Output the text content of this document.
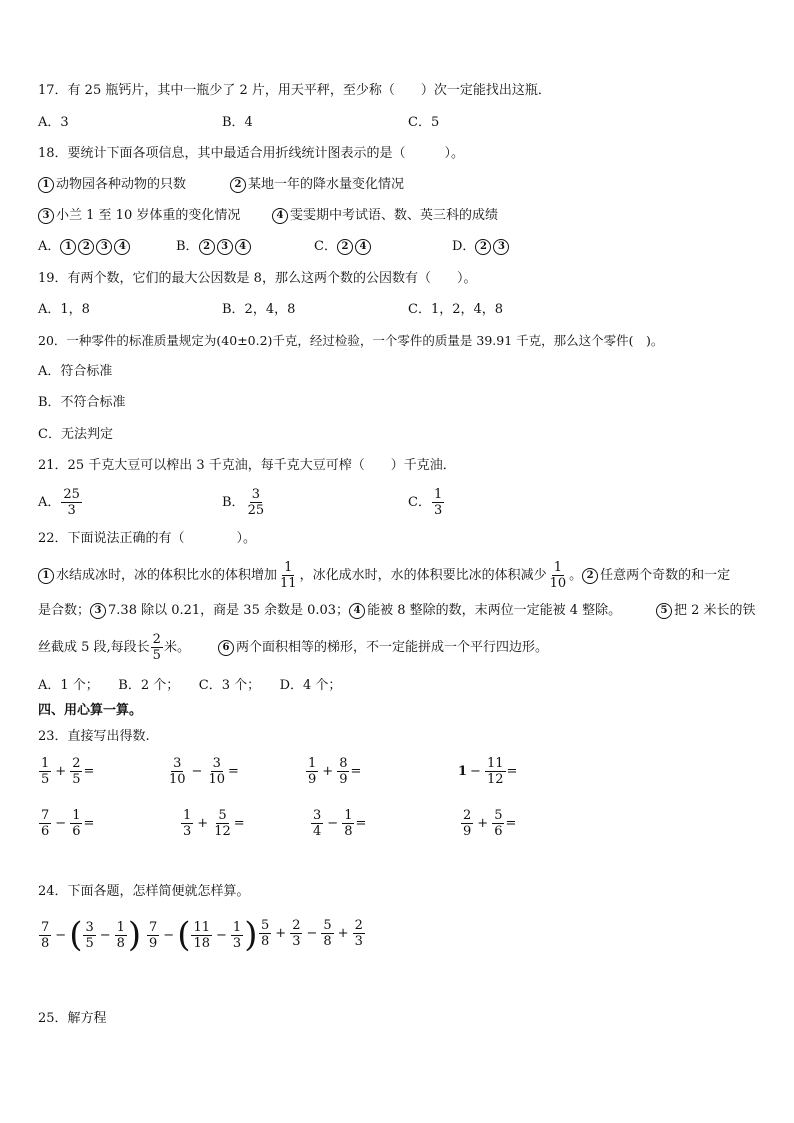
17．有 25 瓶钙片，其中一瓶少了 2 片，用天平秤，至少称（　　）次一定能找出这瓶．
A．3	B．4	C．5
18．要统计下面各项信息，其中最适合用折线统计图表示的是（　　　）。
1 动物园各种动物的只数	2 某地一年的降水量变化情况
3 小兰 1 至 10 岁体重的变化情况	4 雯雯期中考试语、数、英三科的成绩
A． 1 2 3 4	B． 2 3 4	C． 2 4	D． 2 3
19．有两个数，它们的最大公因数是 8，那么这两个数的公因数有（　　）。
A．1，8	B．2，4，8	C．1，2，4，8
20．一种零件的标准质量规定为(40±0.2)千克，经过检验，一个零件的质量是 39.91 千克，那么这个零件(　)。
A．符合标准
B．不符合标准
C．无法判定
21．25 千克大豆可以榨出 3 千克油，每千克大豆可榨（　　）千克油．
A． $\frac{25}{3}$	B． $\frac{3}{25}$	C． $\frac{1}{3}$
22．下面说法正确的有（　　　　）。
1 水结成冰时，冰的体积比水的体积增加 $\frac{1}{11}$ ，冰化成水时，水的体积要比冰的体积减少 $\frac{1}{10}$ 。 2 任意两个奇数的和一定
是合数； 3 7.38 除以 0.21，商是 35 余数是 0.03； 4 能被 8 整除的数，末两位一定能被 4 整除。	5 把 2 米长的铁
丝截成 5 段,每段长 $\frac{2}{5}$ 米。	6 两个面积相等的梯形，不一定能拼成一个平行四边形。
A．1 个；　　B．2 个；　　C．3 个；　　D．4 个；
四、用心算一算。
23．直接写出得数.
$\frac{1}{5} + \frac{2}{5}$ =	$\frac{3}{10} - \frac{3}{10}$ =	$\frac{1}{9} + \frac{8}{9}$ =	$1 - \frac{11}{12}$ =
$\frac{7}{6} - \frac{1}{6}$ =	$\frac{1}{3} + \frac{5}{12}$ =	$\frac{3}{4} - \frac{1}{8}$ =	$\frac{2}{9} + \frac{5}{6}$ =
24．下面各题，怎样简便就怎样算。
$\frac{7}{8}$ −( $\frac{3}{5} - \frac{1}{8}$ ) $\frac{7}{9}$ −( $\frac{11}{18} - \frac{1}{3}$ ) $\frac{5}{8} + \frac{2}{3} - \frac{5}{8} + \frac{2}{3}$
25．解方程
